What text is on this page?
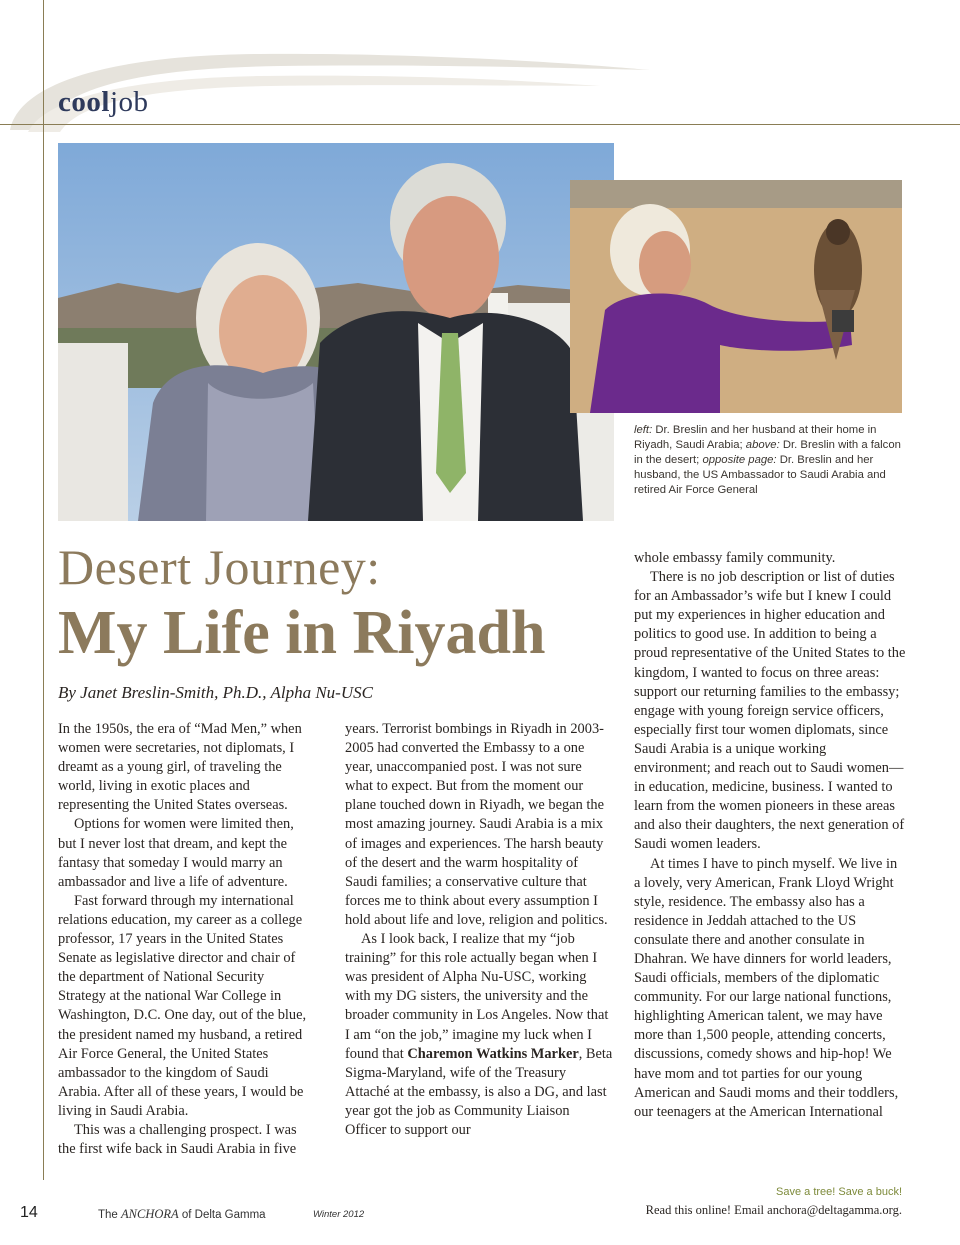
cooljob
left: Dr. Breslin and her husband at their home in Riyadh, Saudi Arabia; above: Dr. Breslin with a falcon in the desert; opposite page: Dr. Breslin and her husband, the US Ambassador to Saudi Arabia and retired Air Force General
Desert Journey:
My Life in Riyadh
By Janet Breslin-Smith, Ph.D., Alpha Nu-USC

In the 1950s, the era of “Mad Men,” when women were secretaries, not diplomats, I dreamt as a young girl, of traveling the world, living in exotic places and representing the United States overseas.

Options for women were limited then, but I never lost that dream, and kept the fantasy that someday I would marry an ambassador and live a life of adventure.

Fast forward through my international relations education, my career as a college professor, 17 years in the United States Senate as legislative director and chair of the department of National Security Strategy at the national War College in Washington, D.C. One day, out of the blue, the president named my husband, a retired Air Force General, the United States ambassador to the kingdom of Saudi Arabia. After all of these years, I would be living in Saudi Arabia.

This was a challenging prospect. I was the first wife back in Saudi Arabia in five

years. Terrorist bombings in Riyadh in 2003-2005 had converted the Embassy to a one year, unaccompanied post. I was not sure what to expect. But from the moment our plane touched down in Riyadh, we began the most amazing journey. Saudi Arabia is a mix of images and experiences. The harsh beauty of the desert and the warm hospitality of Saudi families; a conservative culture that forces me to think about every assumption I hold about life and love, religion and politics.

As I look back, I realize that my “job training” for this role actually began when I was president of Alpha Nu-USC, working with my DG sisters, the university and the broader community in Los Angeles. Now that I am “on the job,” imagine my luck when I found that Charemon Watkins Marker, Beta Sigma-Maryland, wife of the Treasury Attaché at the embassy, is also a DG, and last year got the job as Community Liaison Officer to support our

whole embassy family community.

There is no job description or list of duties for an Ambassador’s wife but I knew I could put my experiences in higher education and politics to good use. In addition to being a proud representative of the United States to the kingdom, I wanted to focus on three areas: support our returning families to the embassy; engage with young foreign service officers, especially first tour women diplomats, since Saudi Arabia is a unique working environment; and reach out to Saudi women—in education, medicine, business. I wanted to learn from the women pioneers in these areas and also their daughters, the next generation of Saudi women leaders.

At times I have to pinch myself. We live in a lovely, very American, Frank Lloyd Wright style, residence. The embassy also has a residence in Jeddah attached to the US consulate there and another consulate in Dhahran. We have dinners for world leaders, Saudi officials, members of the diplomatic community. For our large national functions, highlighting American talent, we may have more than 1,500 people, attending concerts, discussions, comedy shows and hip-hop! We have mom and tot parties for our young American and Saudi moms and their toddlers, our teenagers at the American International

14	The ANCHORA of Delta Gamma	Winter 2012
Save a tree! Save a buck!
Read this online! Email anchora@deltagamma.org.
